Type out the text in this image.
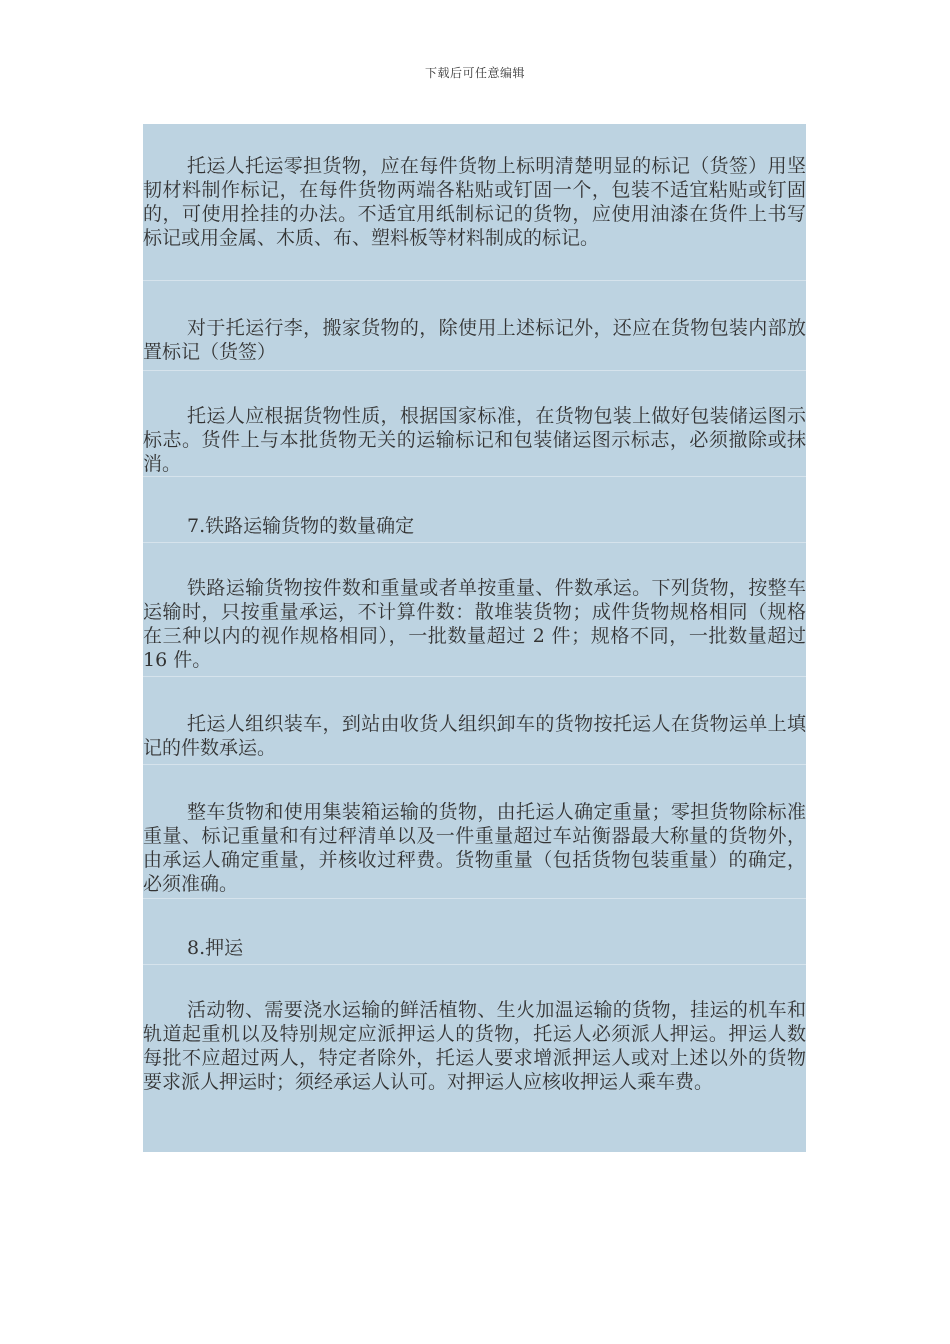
下载后可任意编辑

托运人托运零担货物，应在每件货物上标明清楚明显的标记（货签）用坚韧材料制作标记，在每件货物两端各粘贴或钉固一个，包装不适宜粘贴或钉固的，可使用拴挂的办法。不适宜用纸制标记的货物，应使用油漆在货件上书写标记或用金属、木质、布、塑料板等材料制成的标记。

对于托运行李，搬家货物的，除使用上述标记外，还应在货物包装内部放置标记（货签）

托运人应根据货物性质，根据国家标准，在货物包装上做好包装储运图示标志。货件上与本批货物无关的运输标记和包装储运图示标志，必须撤除或抹消。

7.铁路运输货物的数量确定

铁路运输货物按件数和重量或者单按重量、件数承运。下列货物，按整车运输时，只按重量承运，不计算件数：散堆装货物；成件货物规格相同（规格在三种以内的视作规格相同），一批数量超过 2 件；规格不同，一批数量超过 16 件。

托运人组织装车，到站由收货人组织卸车的货物按托运人在货物运单上填记的件数承运。

整车货物和使用集装箱运输的货物，由托运人确定重量；零担货物除标准重量、标记重量和有过秤清单以及一件重量超过车站衡器最大称量的货物外，由承运人确定重量，并核收过秤费。货物重量（包括货物包装重量）的确定，必须准确。

8.押运

活动物、需要浇水运输的鲜活植物、生火加温运输的货物，挂运的机车和轨道起重机以及特别规定应派押运人的货物，托运人必须派人押运。押运人数每批不应超过两人，特定者除外，托运人要求增派押运人或对上述以外的货物要求派人押运时；须经承运人认可。对押运人应核收押运人乘车费。
